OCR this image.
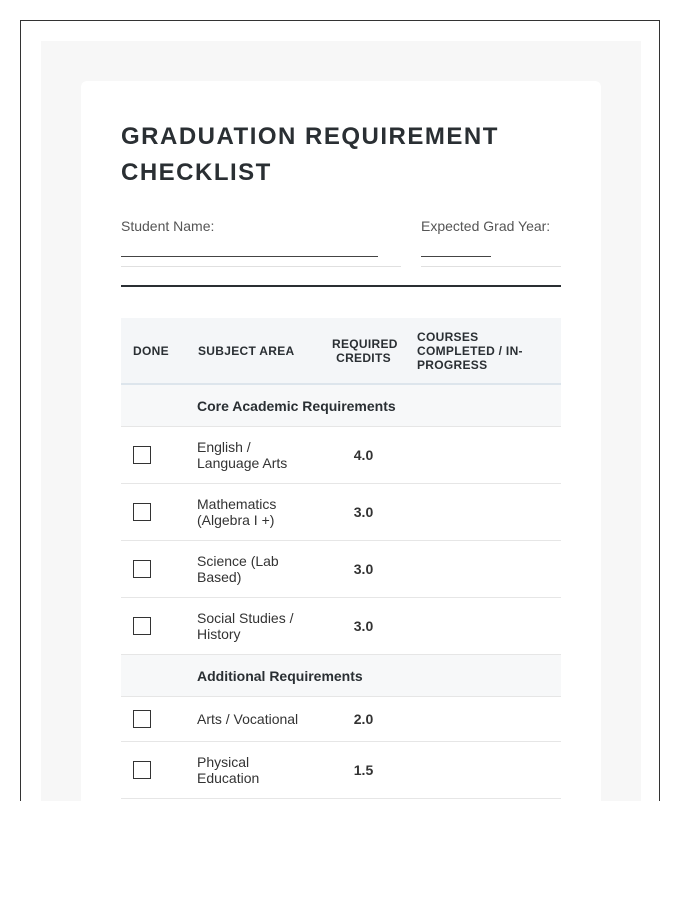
GRADUATION REQUIREMENT CHECKLIST
Student Name:	Expected Grad Year:
DONE	SUBJECT AREA	REQUIRED CREDITS	COURSES COMPLETED / IN-PROGRESS
	Core Academic Requirements		

	English / Language Arts	4.0	

	Mathematics (Algebra I +)	3.0	

	Science (Lab Based)	3.0	

	Social Studies / History	3.0	
	Additional Requirements		

	Arts / Vocational	2.0	

	Physical Education	1.5	
